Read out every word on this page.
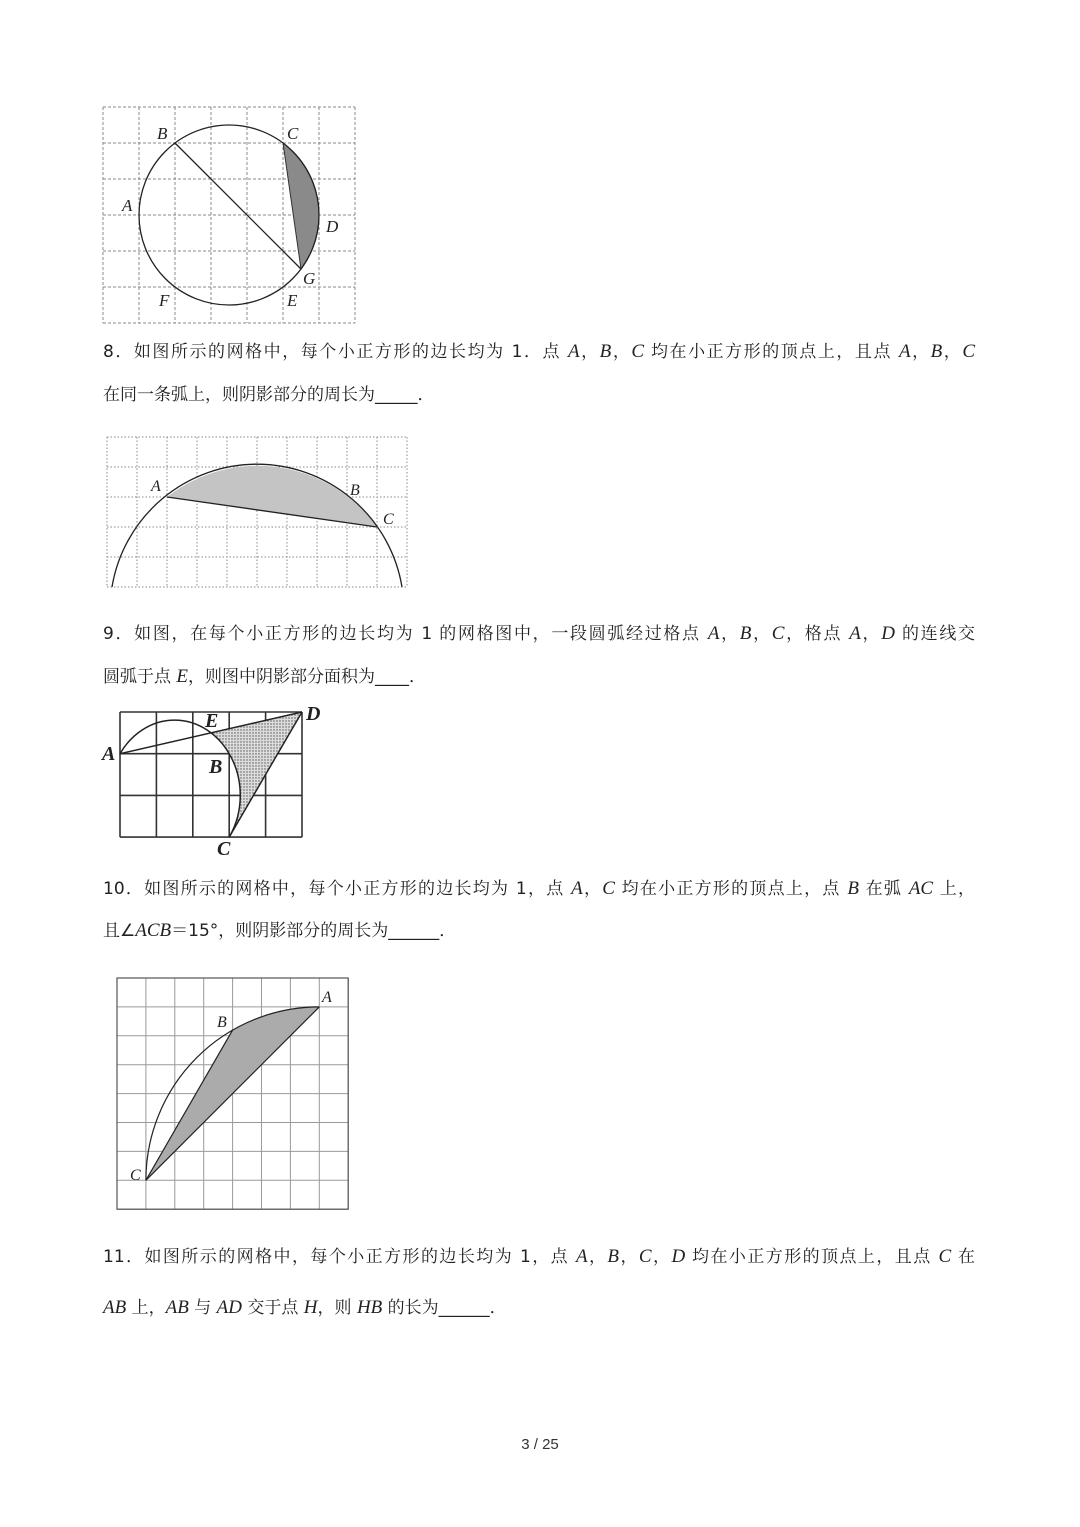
B	C
A
D
G
F	E
8．如图所示的网格中，每个小正方形的边长均为 1．点 A，B，C 均在小正方形的顶点上，且点 A，B，C
在同一条弧上，则阴影部分的周长为_____．
A	B
C
9．如图，在每个小正方形的边长均为 1 的网格图中，一段圆弧经过格点 A，B，C，格点 A，D 的连线交
圆弧于点 E，则图中阴影部分面积为____．
A
E	D
B
C
10．如图所示的网格中，每个小正方形的边长均为 1，点 A，C 均在小正方形的顶点上，点 B 在弧 AC 上，
且∠ACB＝15°，则阴影部分的周长为______．
A
B
C
11．如图所示的网格中，每个小正方形的边长均为 1，点 A，B，C，D 均在小正方形的顶点上，且点 C 在
AB 上，AB 与 AD 交于点 H，则 HB 的长为______．
3 / 25
